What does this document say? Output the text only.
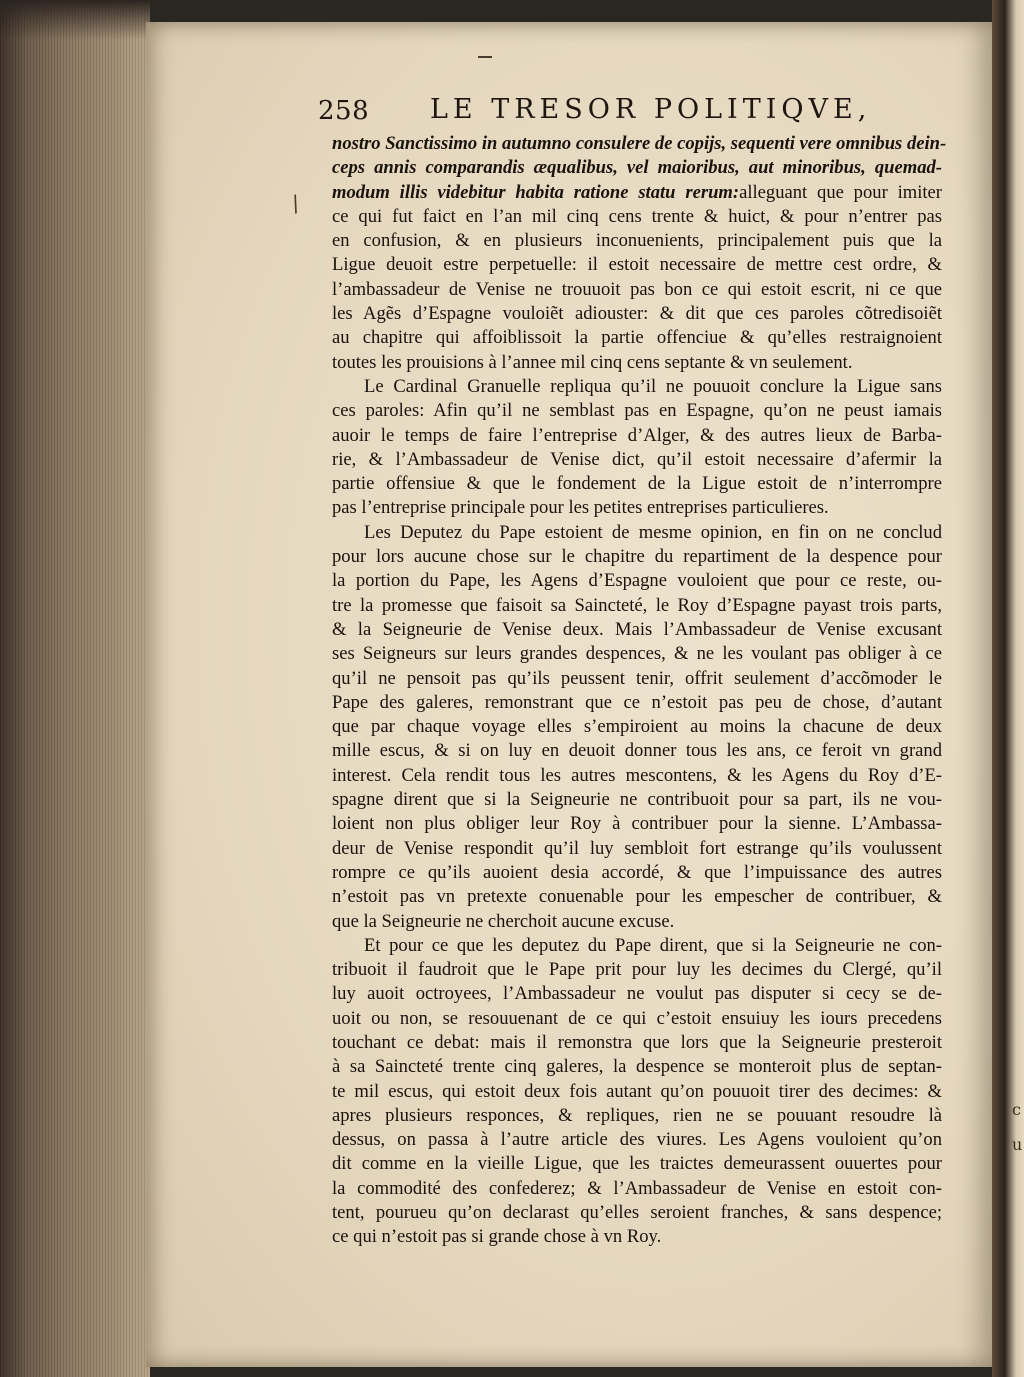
c
u
258 LE TRESOR POLITIQVE,
/
nostro Sanctissimo in autumno consulere de copijs, sequenti vere omnibus dein-
ceps annis comparandis æqualibus, vel maioribus, aut minoribus, quemad-
modum illis videbitur habita ratione statu rerum:alleguant que pour imiter
ce qui fut faict en l’an mil cinq cens trente & huict, & pour n’entrer pas
en confusion, & en plusieurs inconuenients, principalement puis que la
Ligue deuoit estre perpetuelle: il estoit necessaire de mettre cest ordre, &
l’ambassadeur de Venise ne trouuoit pas bon ce qui estoit escrit, ni ce que
les Agẽs d’Espagne vouloiẽt adiouster: & dit que ces paroles cõtredisoiẽt
au chapitre qui affoiblissoit la partie offenciue & qu’elles restraignoient
toutes les prouisions à l’annee mil cinq cens septante & vn seulement.
Le Cardinal Granuelle repliqua qu’il ne pouuoit conclure la Ligue sans
ces paroles: Afin qu’il ne semblast pas en Espagne, qu’on ne peust iamais
auoir le temps de faire l’entreprise d’Alger, & des autres lieux de Barba-
rie, & l’Ambassadeur de Venise dict, qu’il estoit necessaire d’afermir la
partie offensiue & que le fondement de la Ligue estoit de n’interrompre
pas l’entreprise principale pour les petites entreprises particulieres.
Les Deputez du Pape estoient de mesme opinion, en fin on ne conclud
pour lors aucune chose sur le chapitre du repartiment de la despence pour
la portion du Pape, les Agens d’Espagne vouloient que pour ce reste, ou-
tre la promesse que faisoit sa Saincteté, le Roy d’Espagne payast trois parts,
& la Seigneurie de Venise deux. Mais l’Ambassadeur de Venise excusant
ses Seigneurs sur leurs grandes despences, & ne les voulant pas obliger à ce
qu’il ne pensoit pas qu’ils peussent tenir, offrit seulement d’accõmoder le
Pape des galeres, remonstrant que ce n’estoit pas peu de chose, d’autant
que par chaque voyage elles s’empiroient au moins la chacune de deux
mille escus, & si on luy en deuoit donner tous les ans, ce feroit vn grand
interest. Cela rendit tous les autres mescontens, & les Agens du Roy d’E-
spagne dirent que si la Seigneurie ne contribuoit pour sa part, ils ne vou-
loient non plus obliger leur Roy à contribuer pour la sienne. L’Ambassa-
deur de Venise respondit qu’il luy sembloit fort estrange qu’ils voulussent
rompre ce qu’ils auoient desia accordé, & que l’impuissance des autres
n’estoit pas vn pretexte conuenable pour les empescher de contribuer, &
que la Seigneurie ne cherchoit aucune excuse.
Et pour ce que les deputez du Pape dirent, que si la Seigneurie ne con-
tribuoit il faudroit que le Pape prit pour luy les decimes du Clergé, qu’il
luy auoit octroyees, l’Ambassadeur ne voulut pas disputer si cecy se de-
uoit ou non, se resouuenant de ce qui c’estoit ensuiuy les iours precedens
touchant ce debat: mais il remonstra que lors que la Seigneurie presteroit
à sa Saincteté trente cinq galeres, la despence se monteroit plus de septan-
te mil escus, qui estoit deux fois autant qu’on pouuoit tirer des decimes: &
apres plusieurs responces, & repliques, rien ne se pouuant resoudre là
dessus, on passa à l’autre article des viures. Les Agens vouloient qu’on
dit comme en la vieille Ligue, que les traictes demeurassent ouuertes pour
la commodité des confederez; & l’Ambassadeur de Venise en estoit con-
tent, pourueu qu’on declarast qu’elles seroient franches, & sans despence;
ce qui n’estoit pas si grande chose à vn Roy.
